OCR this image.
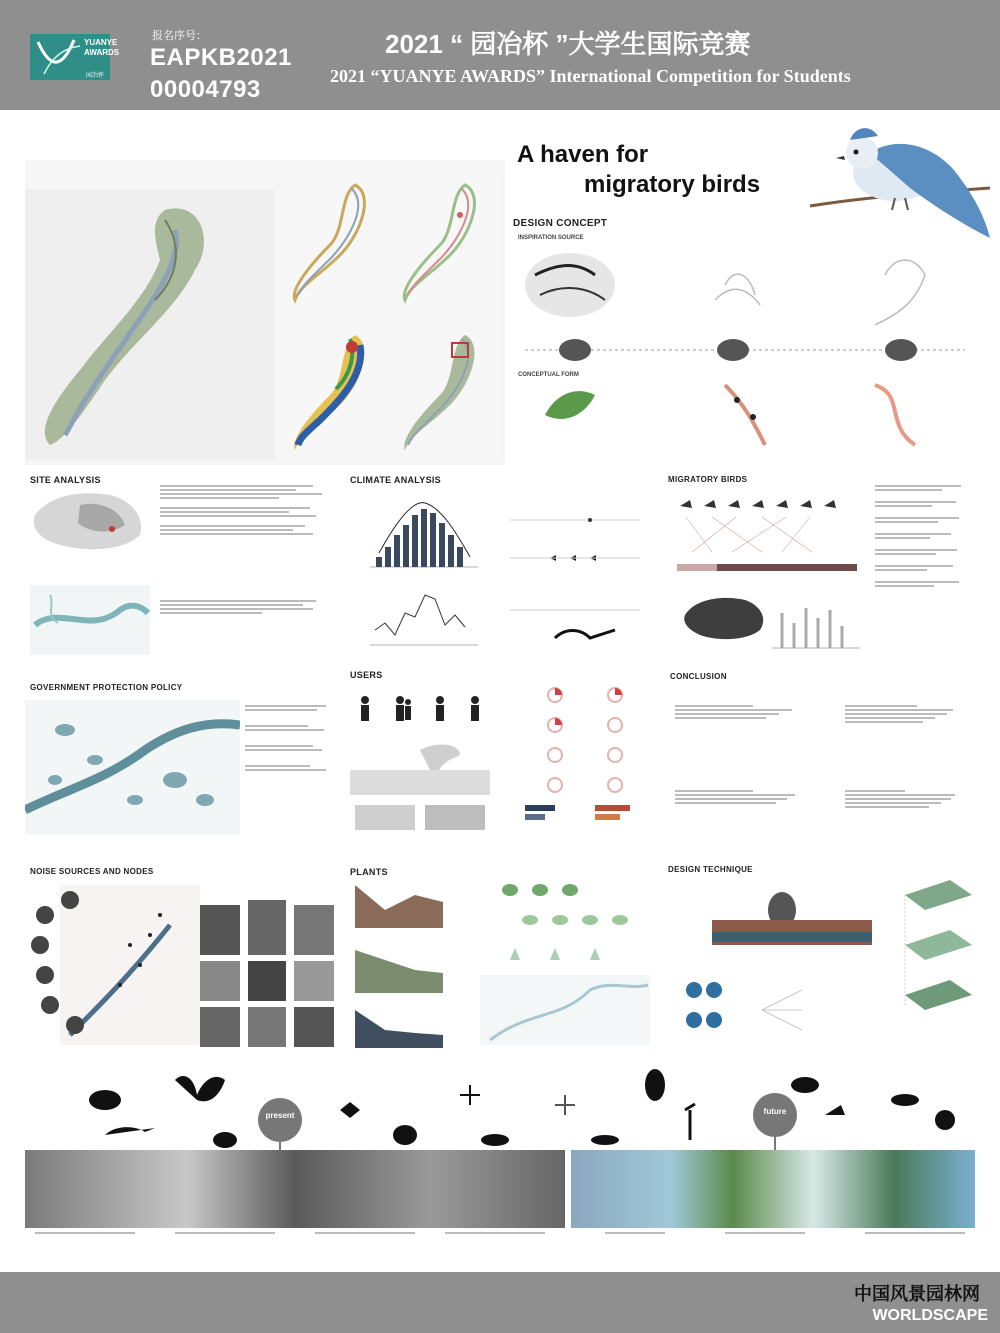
YUANYE AWARDS
园冶杯
报名序号：
EAPKB2021
00004793
2021 “ 园冶杯 ”大学生国际竞赛
2021 “YUANYE AWARDS” International Competition for Students
A haven for
migratory birds
DESIGN CONCEPT
INSPIRATION SOURCE
CONCEPTUAL FORM
SITE ANALYSIS	CLIMATE ANALYSIS	MIGRATORY BIRDS
GOVERNMENT PROTECTION POLICY
USERS	CONCLUSION
NOISE SOURCES AND NODES	PLANTS	DESIGN TECHNIQUE
present	future
中国风景园林网
WORLDSCAPE
